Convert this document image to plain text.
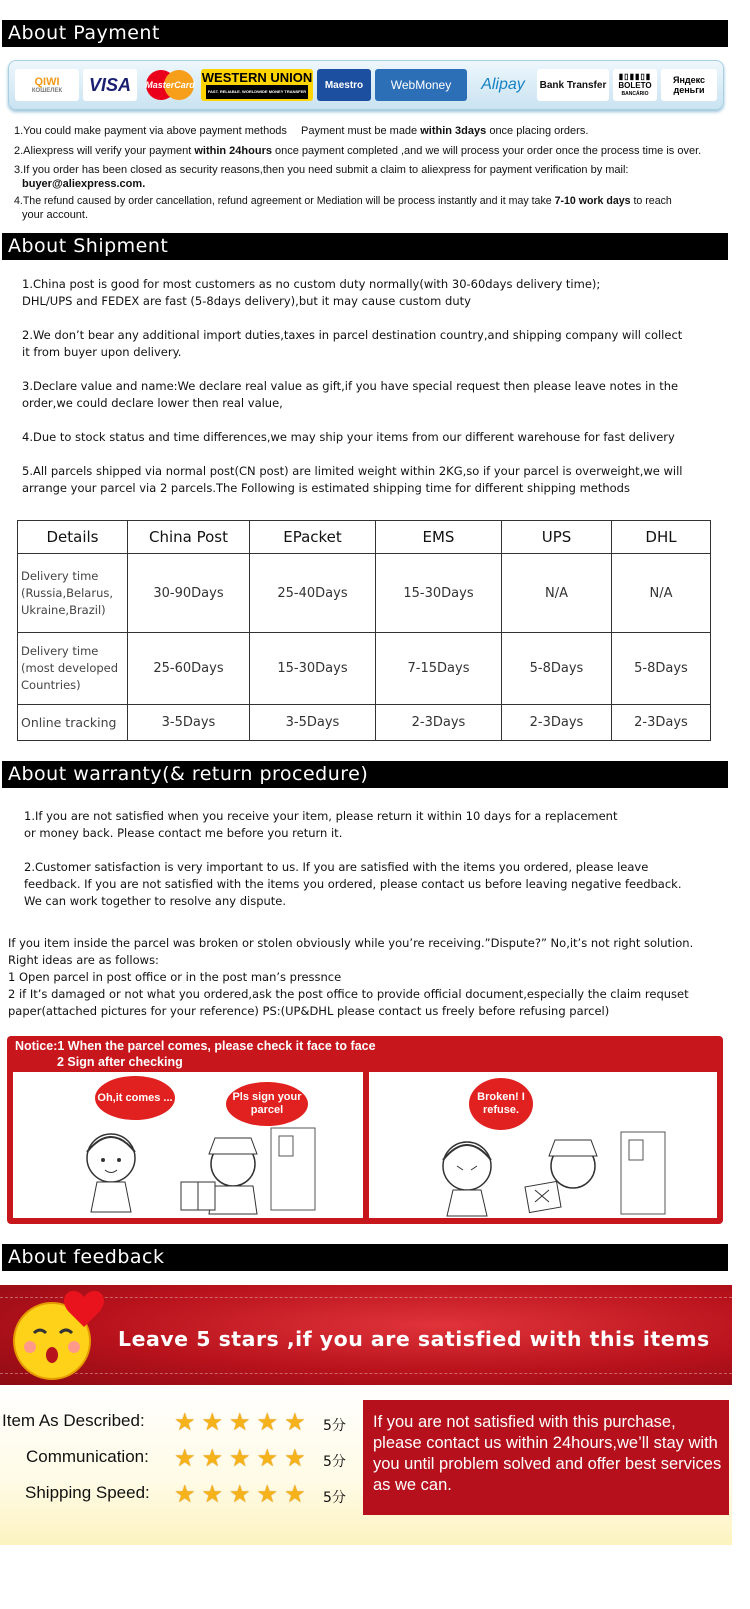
About Payment
QIWI
КОШЕЛЕК	VISA	MasterCard WESTERN UNION
FAST. RELIABLE. WORLDWIDE MONEY TRANSFER
Maestro	WebMoney	Alipay	Bank Transfer
▮▯▮▮▯▮
BOLETO
BANCÁRIO
Яндекс деньги
1.You could make payment via above payment methods Payment must be made within 3days once placing orders.
2.Aliexpress will verify your payment within 24hours once payment completed ,and we will process your order once the process time is over.
3.If you order has been closed as security reasons,then you need submit a claim to aliexpress for payment verification by mail:
buyer@aliexpress.com.
4.The refund caused by order cancellation, refund agreement or Mediation will be process instantly and it may take 7-10 work days to reach
your account.
About Shipment
1.China post is good for most customers as no custom duty normally(with 30-60days delivery time);
DHL/UPS and FEDEX are fast (5-8days delivery),but it may cause custom duty
2.We don’t bear any additional import duties,taxes in parcel destination country,and shipping company will collect
it from buyer upon delivery.
3.Declare value and name:We declare real value as gift,if you have special request then please leave notes in the
order,we could declare lower then real value,
4.Due to stock status and time differences,we may ship your items from our different warehouse for fast delivery
5.All parcels shipped via normal post(CN post) are limited weight within 2KG,so if your parcel is overweight,we will
arrange your parcel via 2 parcels.The Following is estimated shipping time for different shipping methods
Details	China Post	EPacket	EMS	UPS	DHL

Delivery time
(Russia,Belarus,
Ukraine,Brazil)	30-90Days	25-40Days	15-30Days	N/A	N/A

Delivery time
(most developed
Countries)	25-60Days	15-30Days	7-15Days	5-8Days	5-8Days

Online tracking	3-5Days	3-5Days	2-3Days	2-3Days	2-3Days
About warranty(& return procedure)
1.If you are not satisfied when you receive your item, please return it within 10 days for a replacement
or money back. Please contact me before you return it.
2.Customer satisfaction is very important to us. If you are satisfied with the items you ordered, please leave
feedback. If you are not satisfied with the items you ordered, please contact us before leaving negative feedback.
We can work together to resolve any dispute.
If you item inside the parcel was broken or stolen obviously while you’re receiving.”Dispute?” No,it’s not right solution.
Right ideas are as follows:
1 Open parcel in post office or in the post man’s pressnce
2 if It’s damaged or not what you ordered,ask the post office to provide official document,especially the claim requset
paper(attached pictures for your reference) PS:(UP&DHL please contact us freely before refusing parcel)
Notice:1 When the parcel comes, please check it face to face
2 Sign after checking
Oh,it comes ...	Pls sign your parcel
Broken! I refuse.
About feedback
Leave 5 stars ,if you are satisfied with this items
Item As Described: ★ ★ ★ ★ ★ 5分
Communication: ★ ★ ★ ★ ★ 5分
Shipping Speed: ★ ★ ★ ★ ★ 5分

If you are not satisfied with this purchase, please contact us within 24hours,we’ll stay with you until problem solved and offer best services as we can.
